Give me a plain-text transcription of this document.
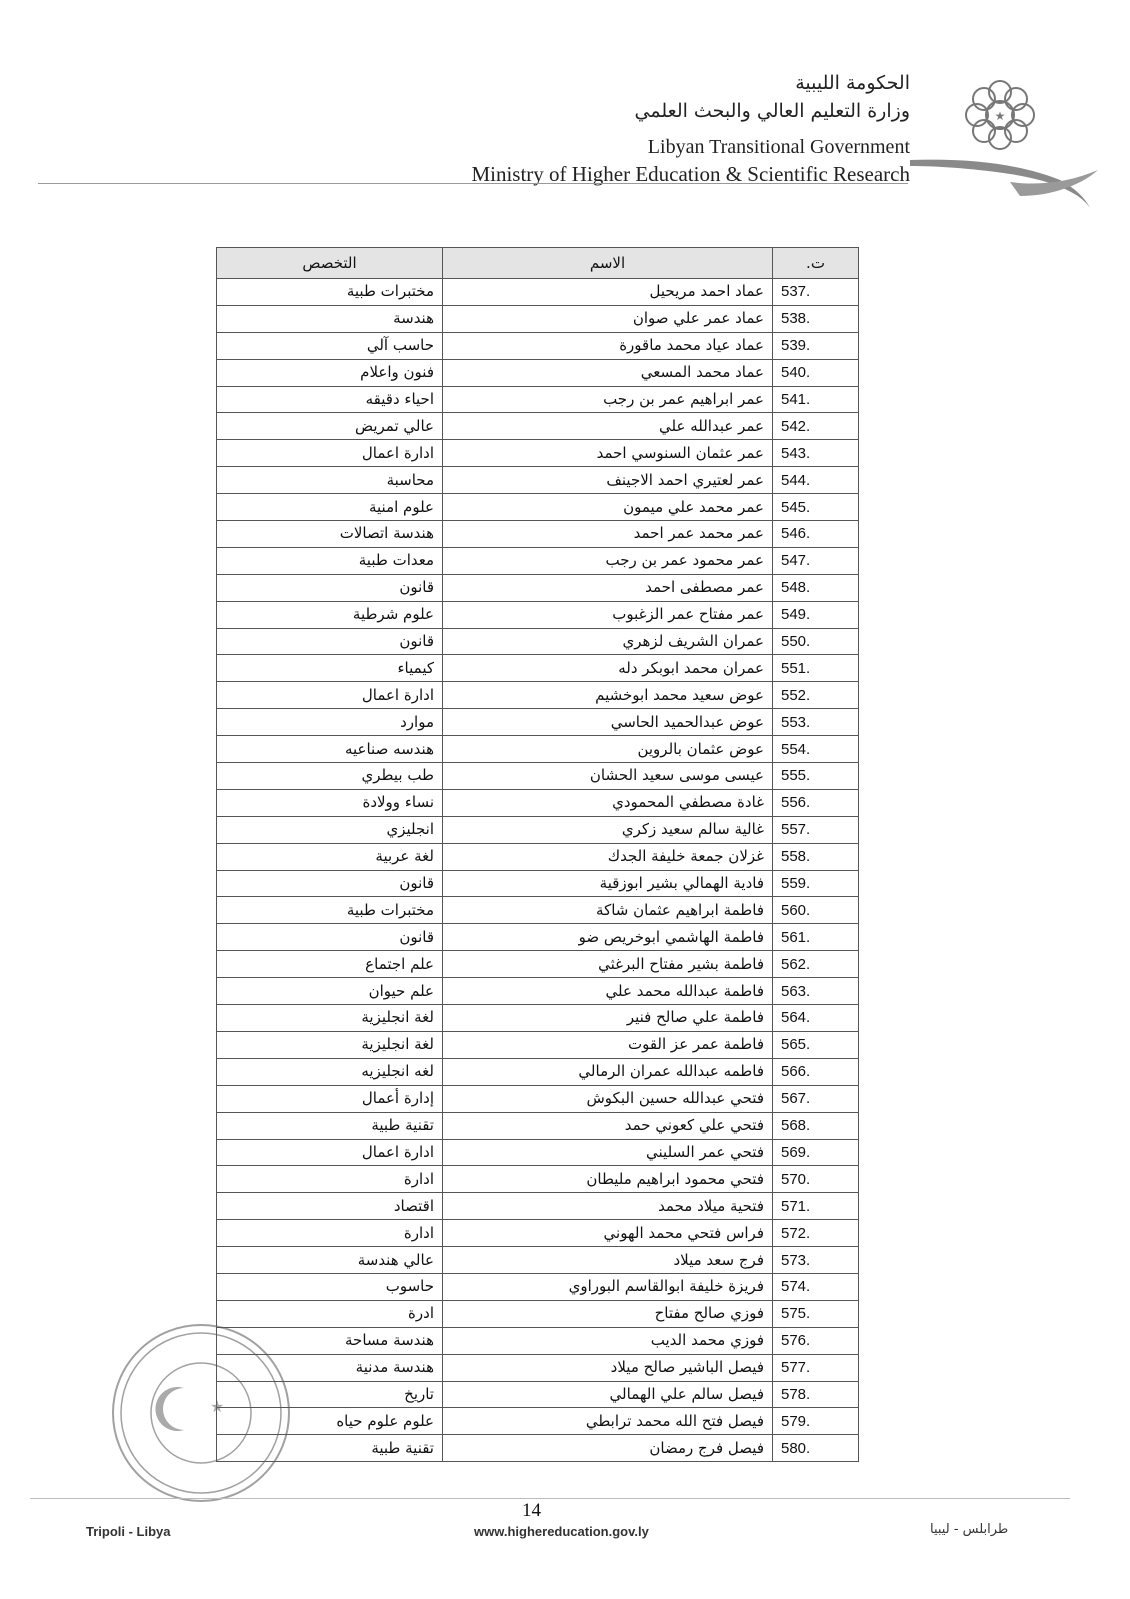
★
الحكومة الليبية
وزارة التعليم العالي والبحث العلمي
Libyan Transitional Government
Ministry of Higher Education & Scientific Research
ت.	الاسم	التخصص
537.	عماد احمد مريحيل	مختبرات طبية
538.	عماد عمر علي صوان	هندسة
539.	عماد عياد محمد ماقورة	حاسب آلي
540.	عماد محمد المسعي	فنون واعلام
541.	عمر ابراهيم عمر بن رجب	احياء دقيقه
542.	عمر عبدالله علي	عالي تمريض
543.	عمر عثمان السنوسي احمد	ادارة اعمال
544.	عمر لعتيري احمد الاجينف	محاسبة
545.	عمر محمد علي ميمون	علوم امنية
546.	عمر محمد عمر احمد	هندسة اتصالات
547.	عمر محمود عمر بن رجب	معدات طبية
548.	عمر مصطفى احمد	قانون
549.	عمر مفتاح عمر الزغبوب	علوم شرطية
550.	عمران الشريف لزهري	قانون
551.	عمران محمد ابوبكر دله	كيمياء
552.	عوض سعيد محمد ابوخشيم	ادارة اعمال
553.	عوض عبدالحميد الحاسي	موارد
554.	عوض عثمان بالروين	هندسه صناعيه
555.	عيسى موسى سعيد الحشان	طب بيطري
556.	غادة مصطفي المحمودي	نساء وولادة
557.	غالية سالم سعيد زكري	انجليزي
558.	غزلان جمعة خليفة الجدك	لغة عربية
559.	فادية الهمالي بشير ابوزقية	قانون
560.	فاطمة ابراهيم عثمان شاكة	مختبرات طبية
561.	فاطمة الهاشمي ابوخريص ضو	قانون
562.	فاطمة بشير مفتاح البرغثي	علم اجتماع
563.	فاطمة عبدالله محمد علي	علم حيوان
564.	فاطمة علي صالح فنير	لغة انجليزية
565.	فاطمة عمر عز القوت	لغة انجليزية
566.	فاطمه عبدالله عمران الرمالي	لغه انجليزيه
567.	فتحي عبدالله حسين البكوش	إدارة أعمال
568.	فتحي علي كعوني حمد	تقنية طبية
569.	فتحي عمر السليني	ادارة اعمال
570.	فتحي محمود ابراهيم مليطان	ادارة
571.	فتحية ميلاد محمد	اقتصاد
572.	فراس فتحي محمد الهوني	ادارة
573.	فرج سعد ميلاد	عالي هندسة
574.	فريزة خليفة ابوالقاسم البوراوي	حاسوب
575.	فوزي صالح مفتاح	ادرة
576.	فوزي محمد الديب	هندسة مساحة
577.	فيصل الباشير صالح ميلاد	هندسة مدنية
578.	فيصل سالم علي الهمالي	تاريخ
579.	فيصل فتح الله محمد ترابطي	علوم علوم حياه
580.	فيصل فرج رمضان	تقنية طبية
★
14
Tripoli - Libya	www.highereducation.gov.ly	طرابلس - ليبيا
